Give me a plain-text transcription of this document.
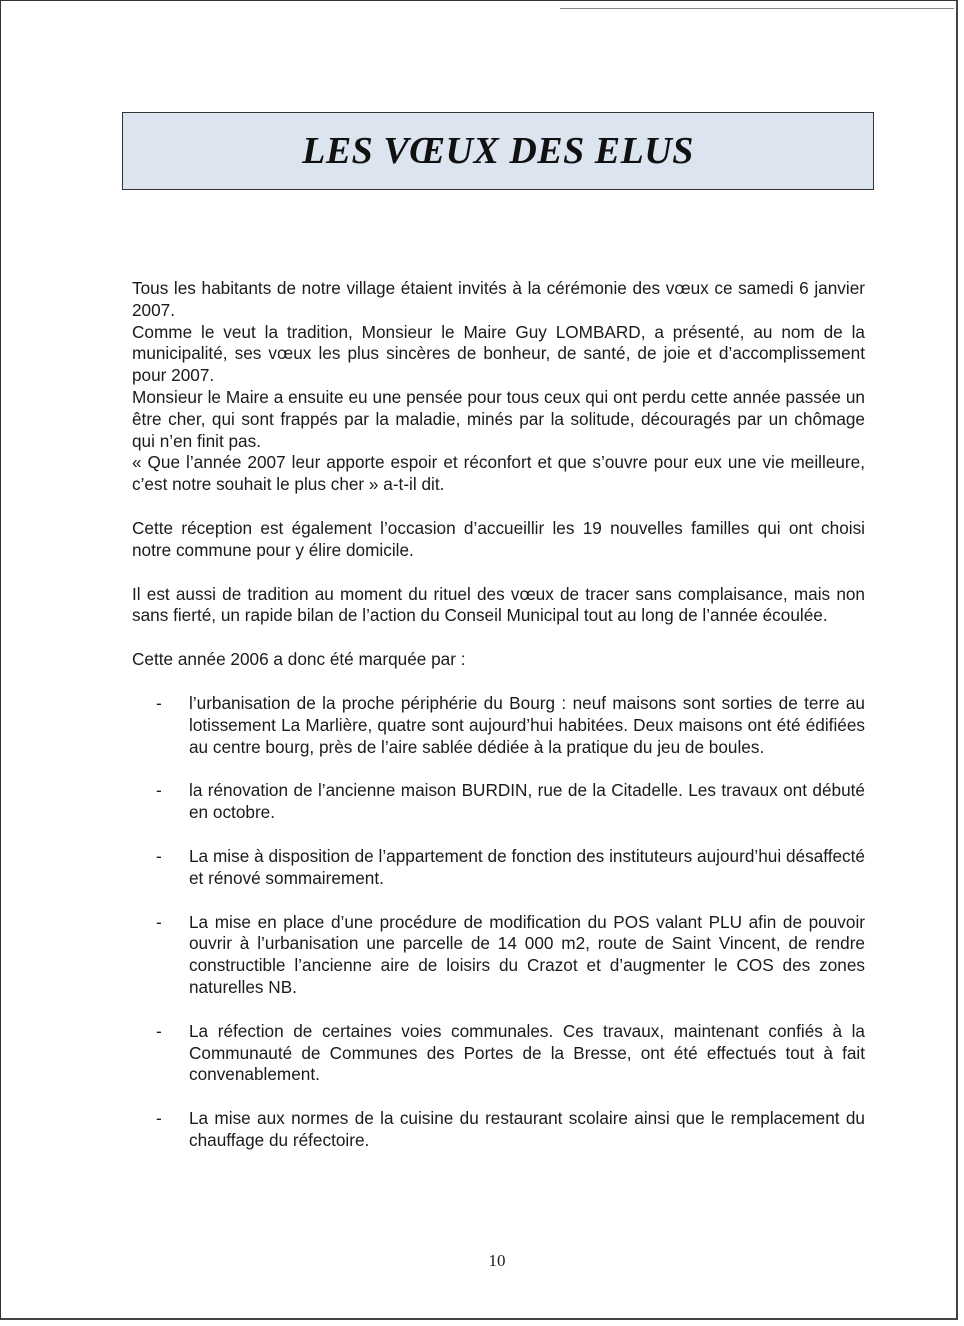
LES VŒUX DES ELUS

Tous les habitants de notre village étaient invités à la cérémonie des vœux ce samedi 6 janvier 2007.

Comme le veut la tradition, Monsieur le Maire Guy LOMBARD, a présenté, au nom de la municipalité, ses vœux les plus sincères de bonheur, de santé, de joie et d’accomplissement pour 2007.

Monsieur le Maire a ensuite eu une pensée pour tous ceux qui ont perdu cette année passée un être cher, qui sont frappés par la maladie, minés par la solitude, découragés par un chômage qui n’en finit pas.

« Que l’année 2007 leur apporte espoir et réconfort et que s’ouvre pour eux une vie meilleure, c’est notre souhait le plus cher » a-t-il dit.

Cette réception est également l’occasion d’accueillir les 19 nouvelles familles qui ont choisi notre commune pour y élire domicile.

Il est aussi de tradition au moment du rituel des vœux de tracer sans complaisance, mais non sans fierté, un rapide bilan de l’action du Conseil Municipal tout au long de l’année écoulée.

Cette année 2006 a donc été marquée par :

- l’urbanisation de la proche périphérie du Bourg : neuf maisons sont sorties de terre au lotissement La Marlière, quatre sont aujourd’hui habitées. Deux maisons ont été édifiées au centre bourg, près de l’aire sablée dédiée à la pratique du jeu de boules.
- la rénovation de l’ancienne maison BURDIN, rue de la Citadelle. Les travaux ont débuté en octobre.
- La mise à disposition de l’appartement de fonction des instituteurs aujourd’hui désaffecté et rénové sommairement.
- La mise en place d’une procédure de modification du POS valant PLU afin de pouvoir ouvrir à l’urbanisation une parcelle de 14 000 m2, route de Saint Vincent, de rendre constructible l’ancienne aire de loisirs du Crazot et d’augmenter le COS des zones naturelles NB.
- La réfection de certaines voies communales. Ces travaux, maintenant confiés à la Communauté de Communes des Portes de la Bresse, ont été effectués tout à fait convenablement.
- La mise aux normes de la cuisine du restaurant scolaire ainsi que le remplacement du chauffage du réfectoire.
10
